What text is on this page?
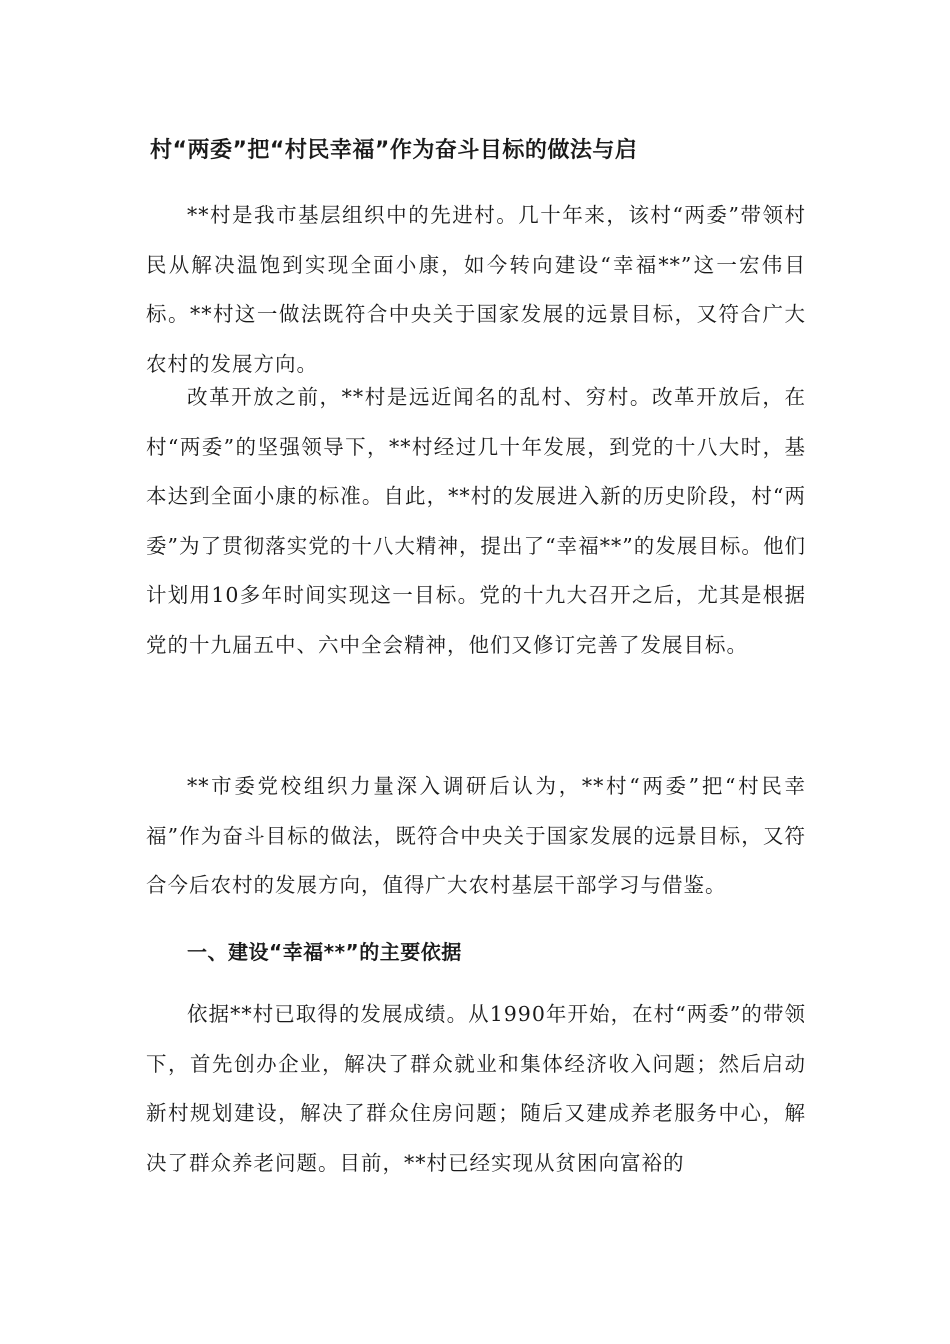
村“两委”把“村民幸福”作为奋斗目标的做法与启

**村是我市基层组织中的先进村。几十年来，该村“两委”带领村民从解决温饱到实现全面小康，如今转向建设“幸福**”这一宏伟目标。**村这一做法既符合中央关于国家发展的远景目标，又符合广大农村的发展方向。

改革开放之前，**村是远近闻名的乱村、穷村。改革开放后，在村“两委”的坚强领导下，**村经过几十年发展，到党的十八大时，基本达到全面小康的标准。自此，**村的发展进入新的历史阶段，村“两委”为了贯彻落实党的十八大精神，提出了“幸福**”的发展目标。他们计划用10多年时间实现这一目标。党的十九大召开之后，尤其是根据党的十九届五中、六中全会精神，他们又修订完善了发展目标。

**市委党校组织力量深入调研后认为，**村“两委”把“村民幸福”作为奋斗目标的做法，既符合中央关于国家发展的远景目标，又符合今后农村的发展方向，值得广大农村基层干部学习与借鉴。

一、建设“幸福**”的主要依据

依据**村已取得的发展成绩。从1990年开始，在村“两委”的带领下，首先创办企业，解决了群众就业和集体经济收入问题；然后启动新村规划建设，解决了群众住房问题；随后又建成养老服务中心，解决了群众养老问题。目前，**村已经实现从贫困向富裕的
